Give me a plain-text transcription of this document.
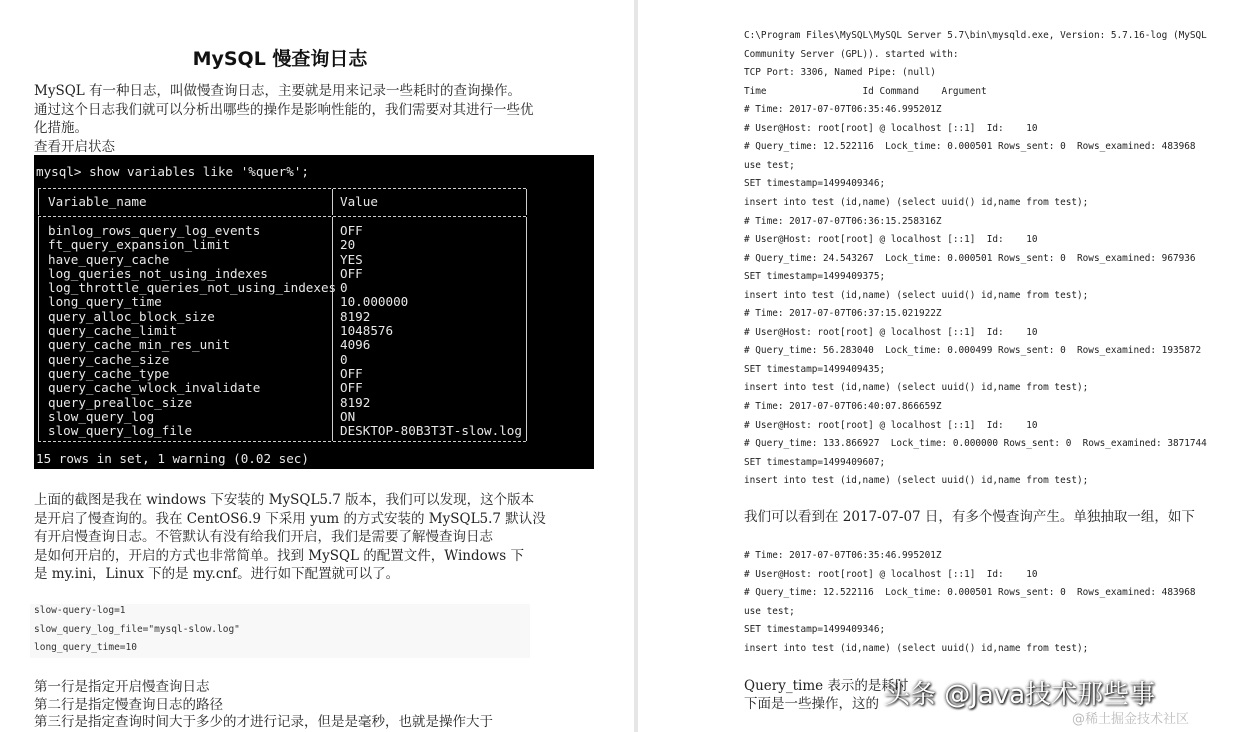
MySQL 慢查询日志

MySQL 有一种日志，叫做慢查询日志，主要就是用来记录一些耗时的查询操作。通过这个日志我们就可以分析出哪些的操作是影响性能的，我们需要对其进行一些优化措施。

查看开启状态

mysql> show variables like '%quer%';
Variable_name	Value
binlog_rows_query_log_events
ft_query_expansion_limit
have_query_cache
log_queries_not_using_indexes
log_throttle_queries_not_using_indexes
long_query_time
query_alloc_block_size
query_cache_limit
query_cache_min_res_unit
query_cache_size
query_cache_type
query_cache_wlock_invalidate
query_prealloc_size
slow_query_log
slow_query_log_file
OFF
20
YES
OFF
0
10.000000
8192
1048576
4096
0
OFF
OFF
8192
ON
DESKTOP-80B3T3T-slow.log
15 rows in set, 1 warning (0.02 sec)
上面的截图是我在 windows 下安装的 MySQL5.7 版本，我们可以发现，这个版本
是开启了慢查询的。我在 CentOS6.9 下采用 yum 的方式安装的 MySQL5.7 默认没
有开启慢查询日志。不管默认有没有给我们开启，我们是需要了解慢查询日志
是如何开启的，开启的方式也非常简单。找到 MySQL 的配置文件，Windows 下
是 my.ini，Linux 下的是 my.cnf。进行如下配置就可以了。
slow-query-log=1
slow_query_log_file="mysql-slow.log"
long_query_time=10
第一行是指定开启慢查询日志
第二行是指定慢查询日志的路径
第三行是指定查询时间大于多少的才进行记录，但是是毫秒，也就是操作大于
我们可以看到在 2017-07-07 日，有多个慢查询产生。单独抽取一组，如下
Query_time 表示的是耗时
下面是一些操作，这的 头条 @Java技术那些事
@稀土掘金技术社区
C:\Program Files\MySQL\MySQL Server 5.7\bin\mysqld.exe, Version: 5.7.16-log (MySQL
Community Server (GPL)). started with:
TCP Port: 3306, Named Pipe: (null)
Time                 Id Command    Argument
# Time: 2017-07-07T06:35:46.995201Z
# User@Host: root[root] @ localhost [::1]  Id:    10
# Query_time: 12.522116  Lock_time: 0.000501 Rows_sent: 0  Rows_examined: 483968
use test;
SET timestamp=1499409346;
insert into test (id,name) (select uuid() id,name from test);
# Time: 2017-07-07T06:36:15.258316Z
# User@Host: root[root] @ localhost [::1]  Id:    10
# Query_time: 24.543267  Lock_time: 0.000501 Rows_sent: 0  Rows_examined: 967936
SET timestamp=1499409375;
insert into test (id,name) (select uuid() id,name from test);
# Time: 2017-07-07T06:37:15.021922Z
# User@Host: root[root] @ localhost [::1]  Id:    10
# Query_time: 56.283040  Lock_time: 0.000499 Rows_sent: 0  Rows_examined: 1935872
SET timestamp=1499409435;
insert into test (id,name) (select uuid() id,name from test);
# Time: 2017-07-07T06:40:07.866659Z
# User@Host: root[root] @ localhost [::1]  Id:    10
# Query_time: 133.866927  Lock_time: 0.000000 Rows_sent: 0  Rows_examined: 3871744
SET timestamp=1499409607;
insert into test (id,name) (select uuid() id,name from test);
# Time: 2017-07-07T06:35:46.995201Z
# User@Host: root[root] @ localhost [::1]  Id:    10
# Query_time: 12.522116  Lock_time: 0.000501 Rows_sent: 0  Rows_examined: 483968
use test;
SET timestamp=1499409346;
insert into test (id,name) (select uuid() id,name from test);
